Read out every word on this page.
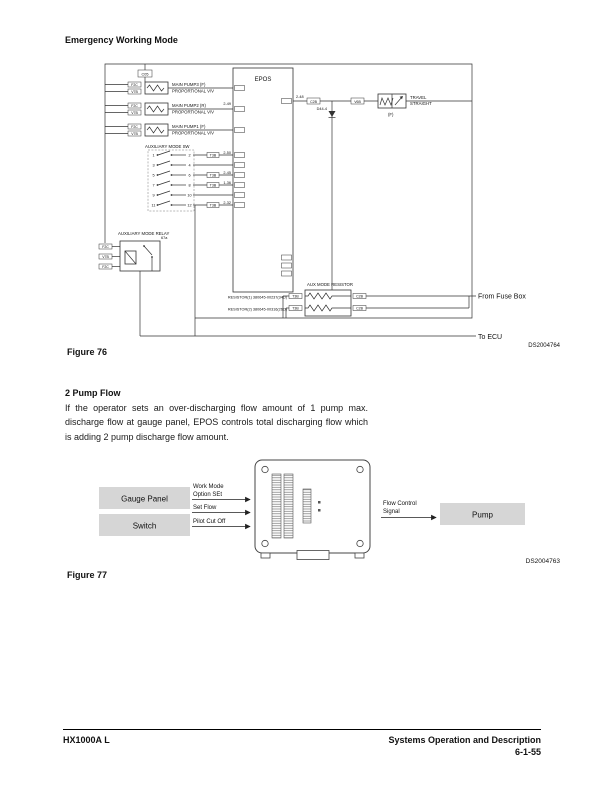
Emergency Working Mode
EPOS
2-49
C05
F2C
V7B
MAIN PUMP3 (F)
PROPORTIONAL V/V
F2C
V7B
MAIN PUMP2 (R)
PROPORTIONAL V/V
F2C
V7B
MAIN PUMP1 (F)
PROPORTIONAL V/V
AUXILIARY MODE SW
1	2	T3B
2-50
3	4
5	6	T3B
2-45
7	8	T3B
1-36
9	10
11	12	T3B
2-32
AUXILIARY MODE RELAY
67a
F2C
V7B
F2C
2-48
C2B	V6B
D44-4
TRAVEL
STRAIGHT
(F)
AUX MODE RESISTOR
T3B
T3B
C2B
C2B
RESISTOR(1) 380645-00237(34Ω)
RESISTOR(2) 380645-00316(26Ω)
From Fuse Box
To ECU
DS2004764
Figure 76
2 Pump Flow
If the operator sets an over-discharging flow amount of 1 pump max. discharge flow at gauge panel, EPOS controls total discharging flow which is adding 2 pump discharge flow amount.
Gauge Panel
Switch
Work Mode
Option SEt
Set Flow
Pilot Cut Off
Flow Control
Signal	Pump
DS2004763
Figure 77
HX1000A L	Systems Operation and Description
6-1-55
